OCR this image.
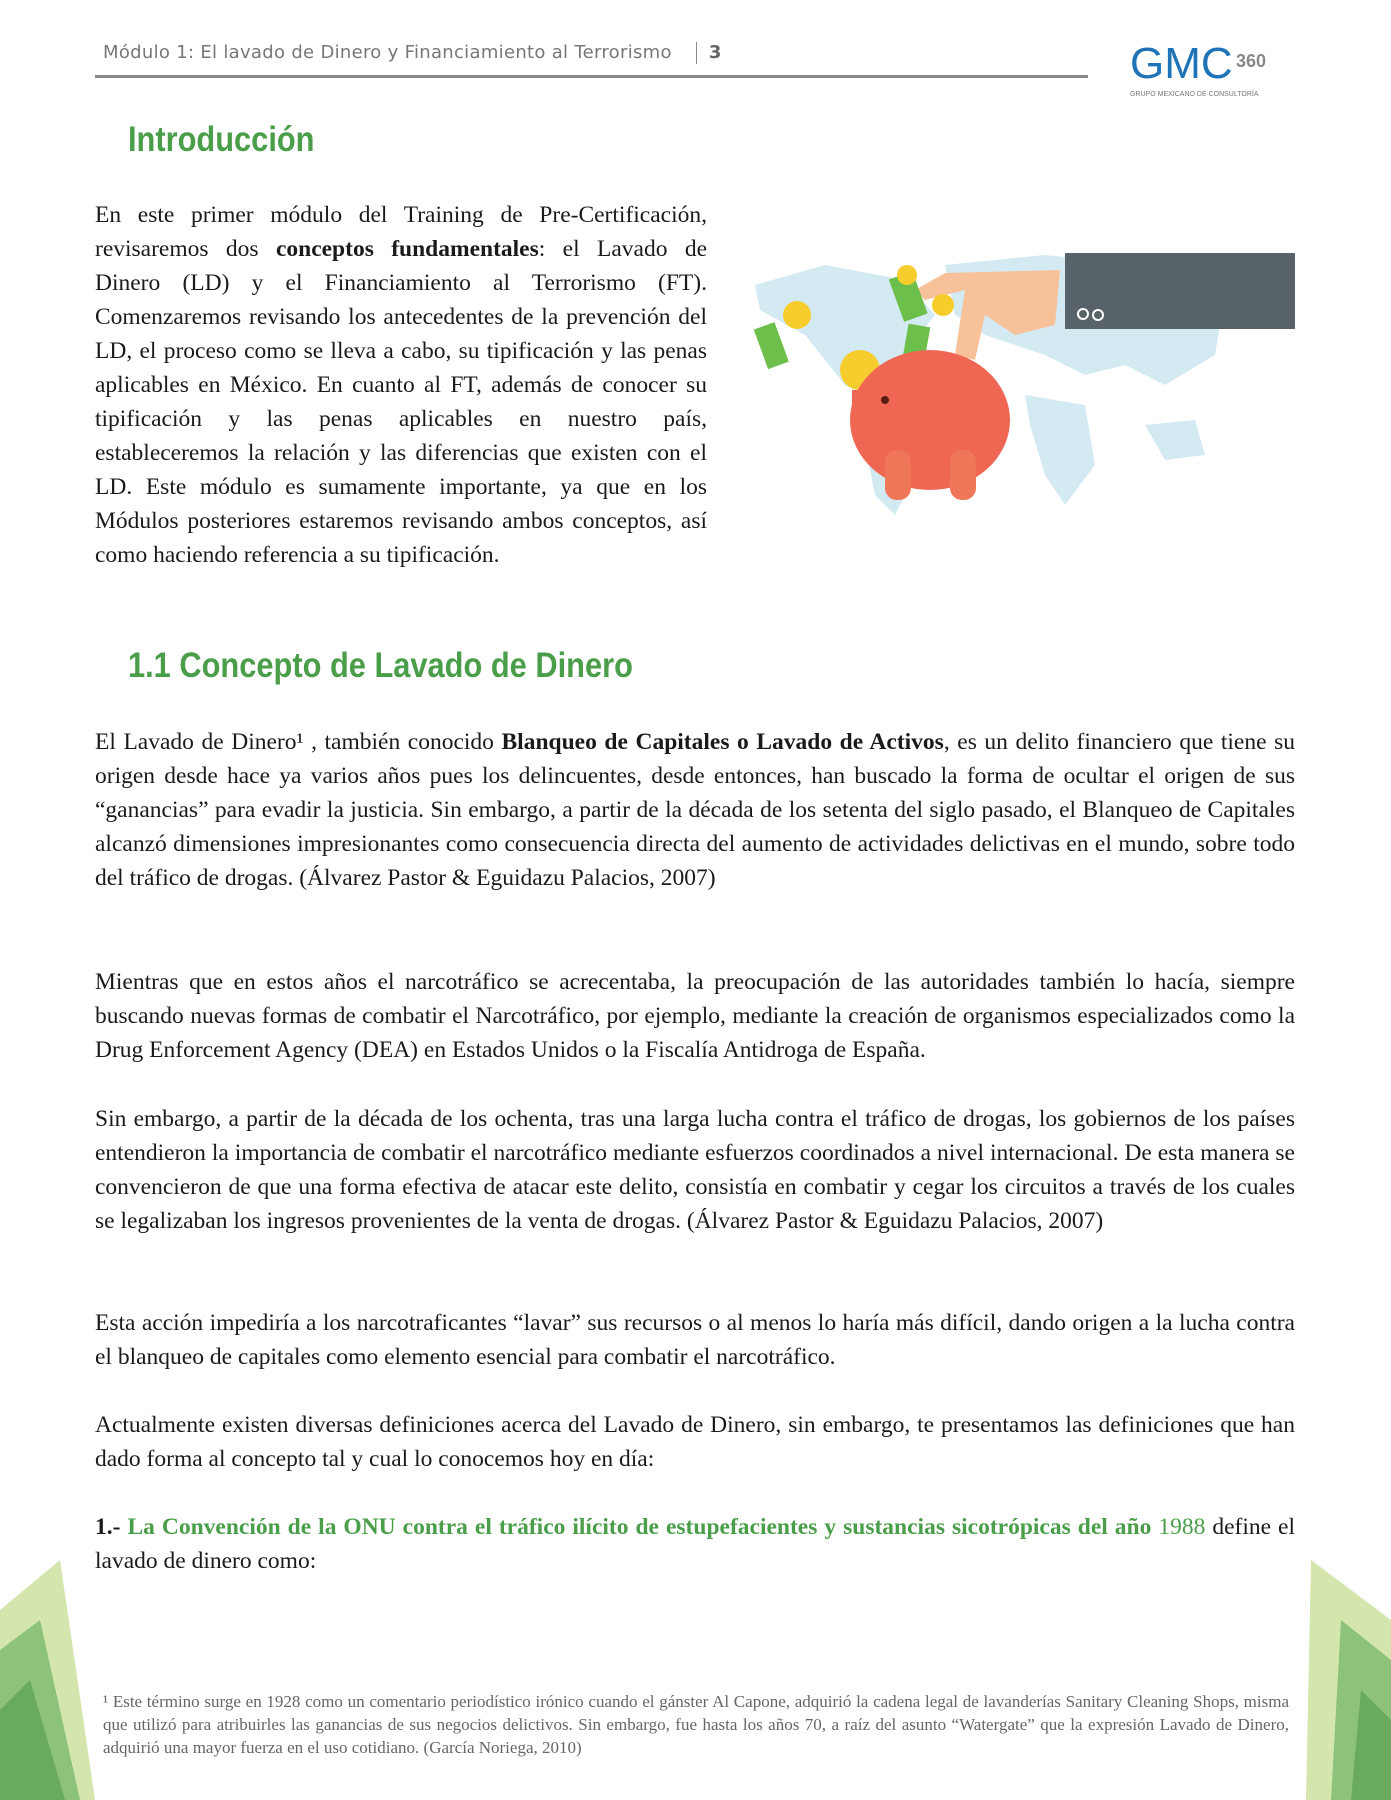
Módulo 1: El lavado de Dinero y Financiamiento al Terrorismo 3	GMC 360
GRUPO MEXICANO DE CONSULTORÍA
Introducción
En este primer módulo del Training de Pre-Certificación, revisaremos dos conceptos fundamentales: el Lavado de Dinero (LD) y el Financiamiento al Terrorismo (FT). Comenzaremos revisando los antecedentes de la prevención del LD, el proceso como se lleva a cabo, su tipificación y las penas aplicables en México. En cuanto al FT, además de conocer su tipificación y las penas aplicables en nuestro país, estableceremos la relación y las diferencias que existen con el LD. Este módulo es sumamente importante, ya que en los Módulos posteriores estaremos revisando ambos conceptos, así como haciendo referencia a su tipificación.
1.1 Concepto de Lavado de Dinero
El Lavado de Dinero¹ , también conocido Blanqueo de Capitales o Lavado de Activos, es un delito financiero que tiene su origen desde hace ya varios años pues los delincuentes, desde entonces, han buscado la forma de ocultar el origen de sus “ganancias” para evadir la justicia. Sin embargo, a partir de la década de los setenta del siglo pasado, el Blanqueo de Capitales alcanzó dimensiones impresionantes como consecuencia directa del aumento de actividades delictivas en el mundo, sobre todo del tráfico de drogas. (Álvarez Pastor & Eguidazu Palacios, 2007)
Mientras que en estos años el narcotráfico se acrecentaba, la preocupación de las autoridades también lo hacía, siempre buscando nuevas formas de combatir el Narcotráfico, por ejemplo, mediante la creación de organismos especializados como la Drug Enforcement Agency (DEA) en Estados Unidos o la Fiscalía Antidroga de España.
Sin embargo, a partir de la década de los ochenta, tras una larga lucha contra el tráfico de drogas, los gobiernos de los países entendieron la importancia de combatir el narcotráfico mediante esfuerzos coordinados a nivel internacional. De esta manera se convencieron de que una forma efectiva de atacar este delito, consistía en combatir y cegar los circuitos a través de los cuales se legalizaban los ingresos provenientes de la venta de drogas. (Álvarez Pastor & Eguidazu Palacios, 2007)
Esta acción impediría a los narcotraficantes “lavar” sus recursos o al menos lo haría más difícil, dando origen a la lucha contra el blanqueo de capitales como elemento esencial para combatir el narcotráfico.
Actualmente existen diversas definiciones acerca del Lavado de Dinero, sin embargo, te presentamos las definiciones que han dado forma al concepto tal y cual lo conocemos hoy en día:
1.- La Convención de la ONU contra el tráfico ilícito de estupefacientes y sustancias sicotrópicas del año 1988 define el lavado de dinero como:
¹ Este término surge en 1928 como un comentario periodístico irónico cuando el gánster Al Capone, adquirió la cadena legal de lavanderías Sanitary Cleaning Shops, misma que utilizó para atribuirles las ganancias de sus negocios delictivos. Sin embargo, fue hasta los años 70, a raíz del asunto “Watergate” que la expresión Lavado de Dinero, adquirió una mayor fuerza en el uso cotidiano. (García Noriega, 2010)
